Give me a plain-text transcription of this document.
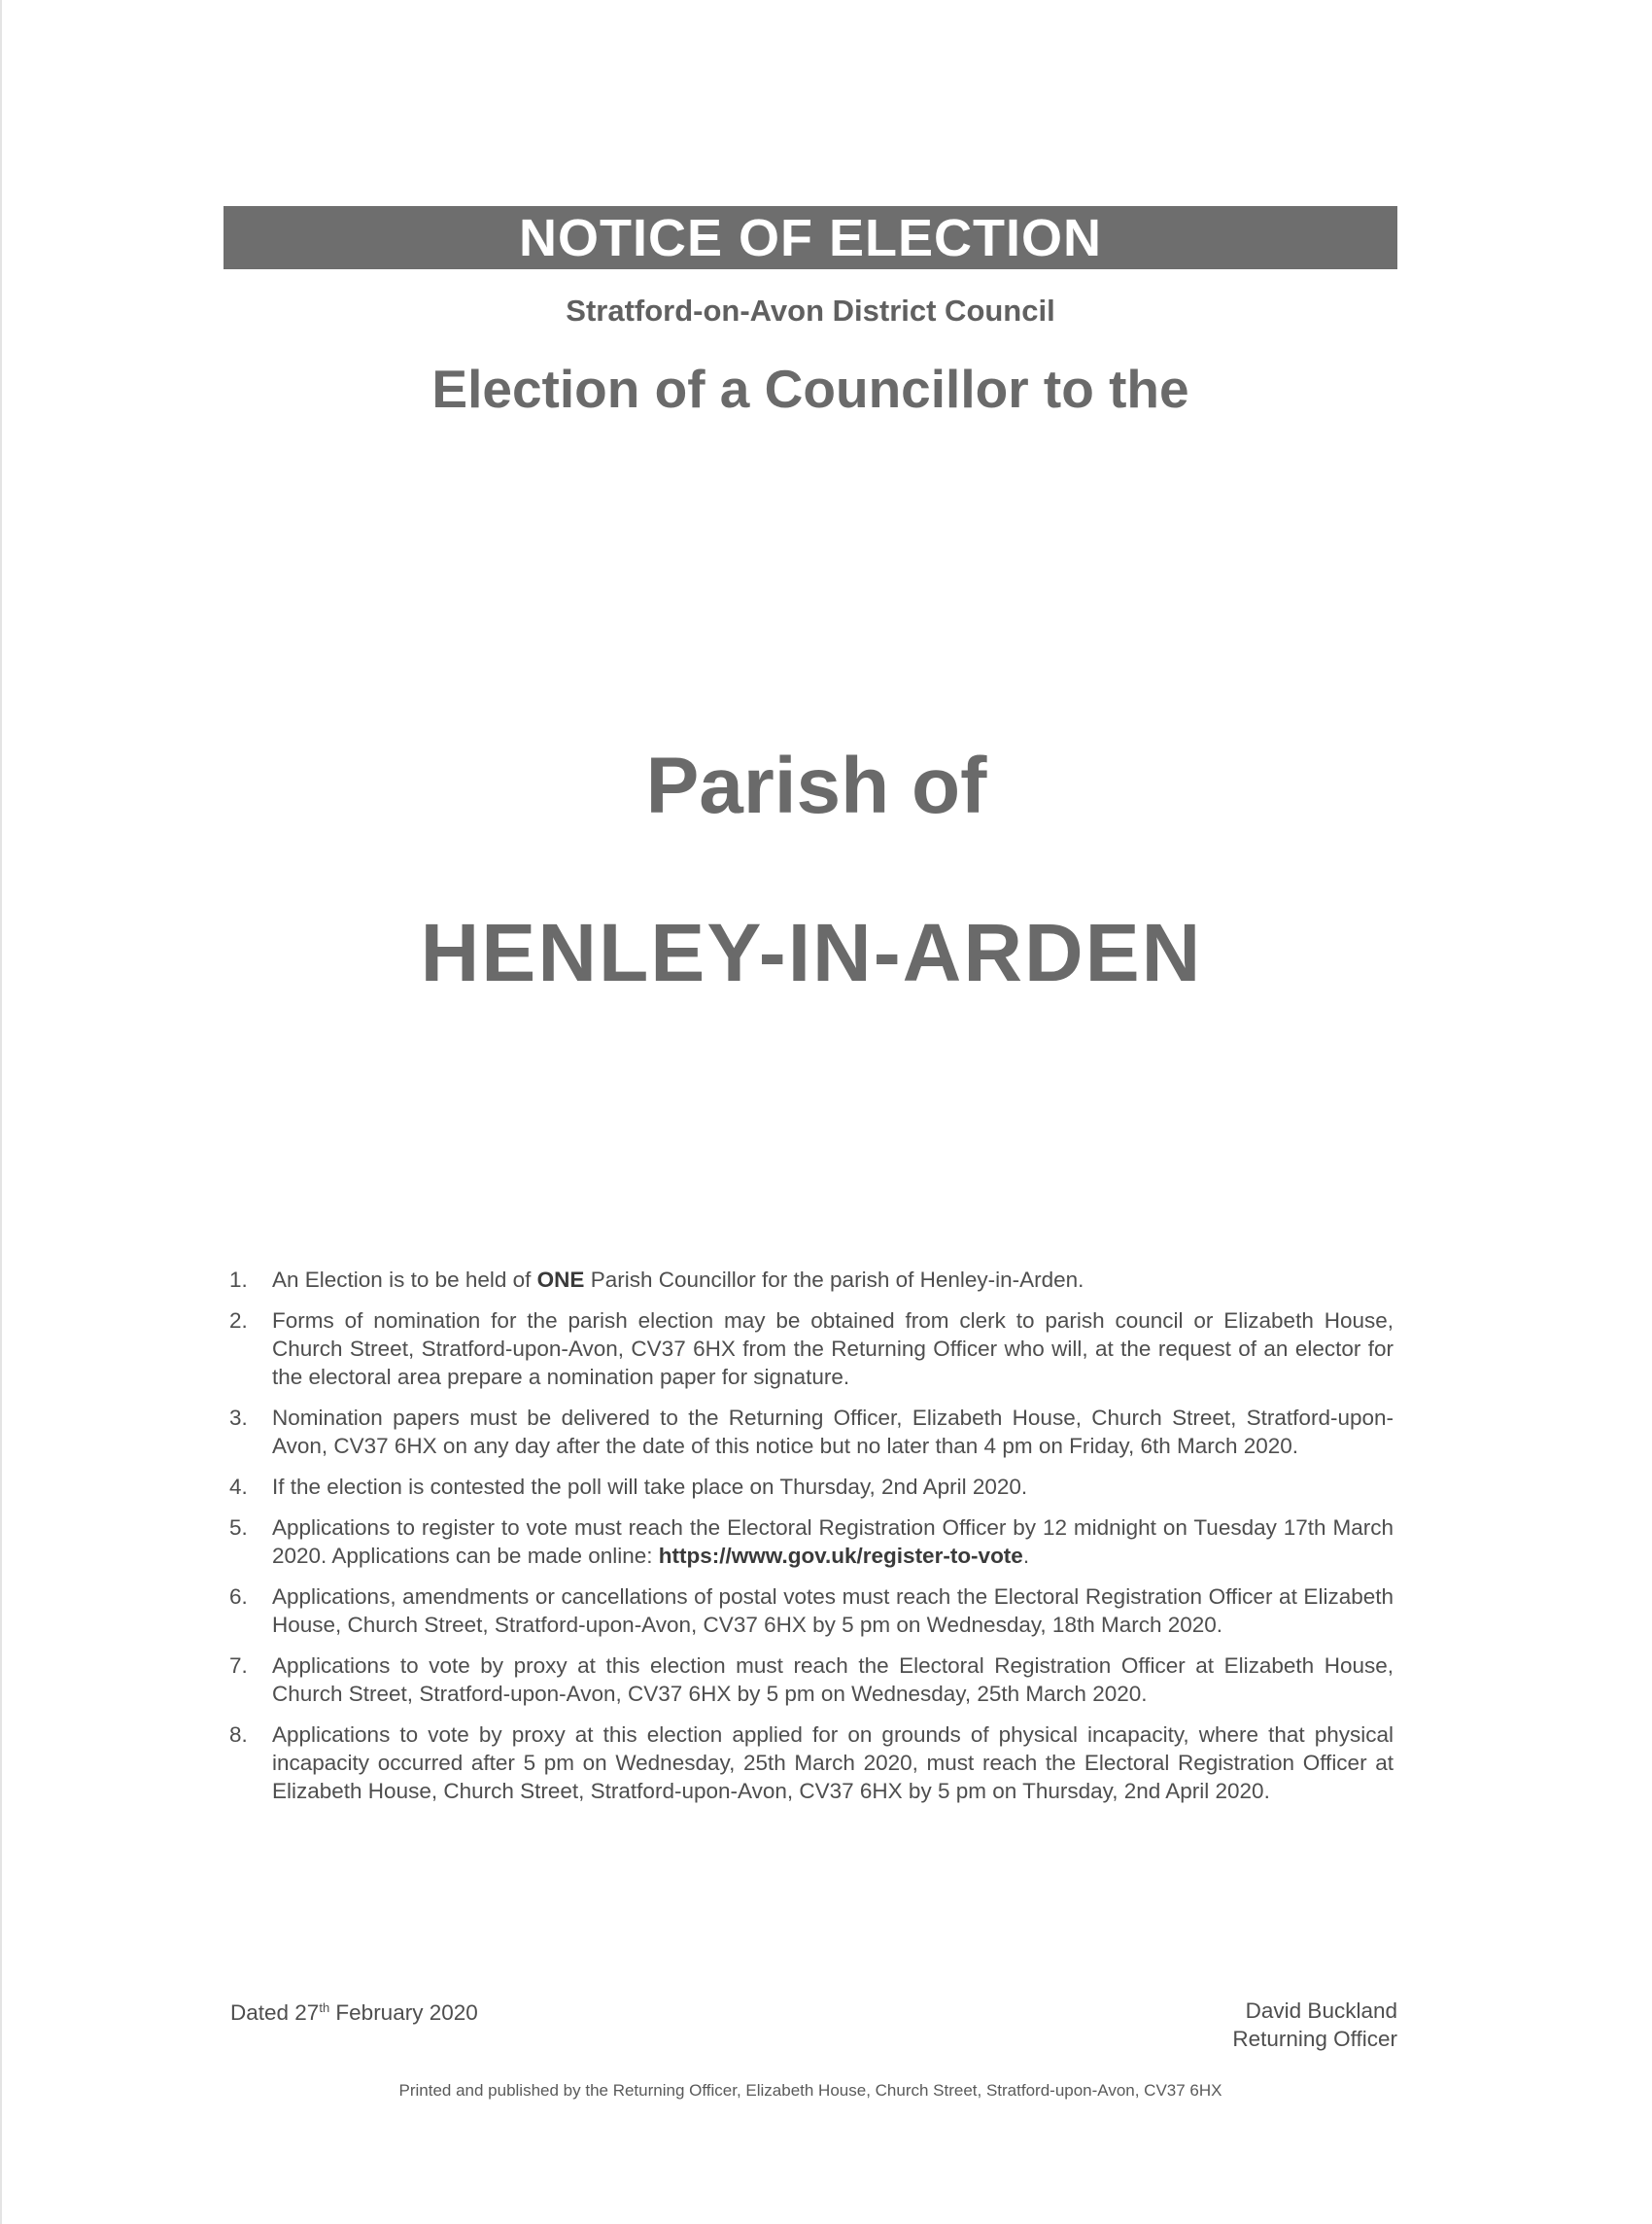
NOTICE OF ELECTION
Stratford-on-Avon District Council
Election of a Councillor to the
Parish of
HENLEY-IN-ARDEN
1.	An Election is to be held of ONE Parish Councillor for the parish of Henley-in-Arden.
2.	Forms of nomination for the parish election may be obtained from clerk to parish council or Elizabeth House, Church Street, Stratford-upon-Avon, CV37 6HX from the Returning Officer who will, at the request of an elector for the electoral area prepare a nomination paper for signature.
3.	Nomination papers must be delivered to the Returning Officer, Elizabeth House, Church Street, Stratford-upon-Avon, CV37 6HX on any day after the date of this notice but no later than 4 pm on Friday, 6th March 2020.
4.	If the election is contested the poll will take place on Thursday, 2nd April 2020.
5.	Applications to register to vote must reach the Electoral Registration Officer by 12 midnight on Tuesday 17th March 2020. Applications can be made online: https://www.gov.uk/register-to-vote.
6.	Applications, amendments or cancellations of postal votes must reach the Electoral Registration Officer at Elizabeth House, Church Street, Stratford-upon-Avon, CV37 6HX by 5 pm on Wednesday, 18th March 2020.
7.	Applications to vote by proxy at this election must reach the Electoral Registration Officer at Elizabeth House, Church Street, Stratford-upon-Avon, CV37 6HX by 5 pm on Wednesday, 25th March 2020.
8.	Applications to vote by proxy at this election applied for on grounds of physical incapacity, where that physical incapacity occurred after 5 pm on Wednesday, 25th March 2020, must reach the Electoral Registration Officer at Elizabeth House, Church Street, Stratford-upon-Avon, CV37 6HX by 5 pm on Thursday, 2nd April 2020.
Dated 27th February 2020	David Buckland
Returning Officer
Printed and published by the Returning Officer, Elizabeth House, Church Street, Stratford-upon-Avon, CV37 6HX
